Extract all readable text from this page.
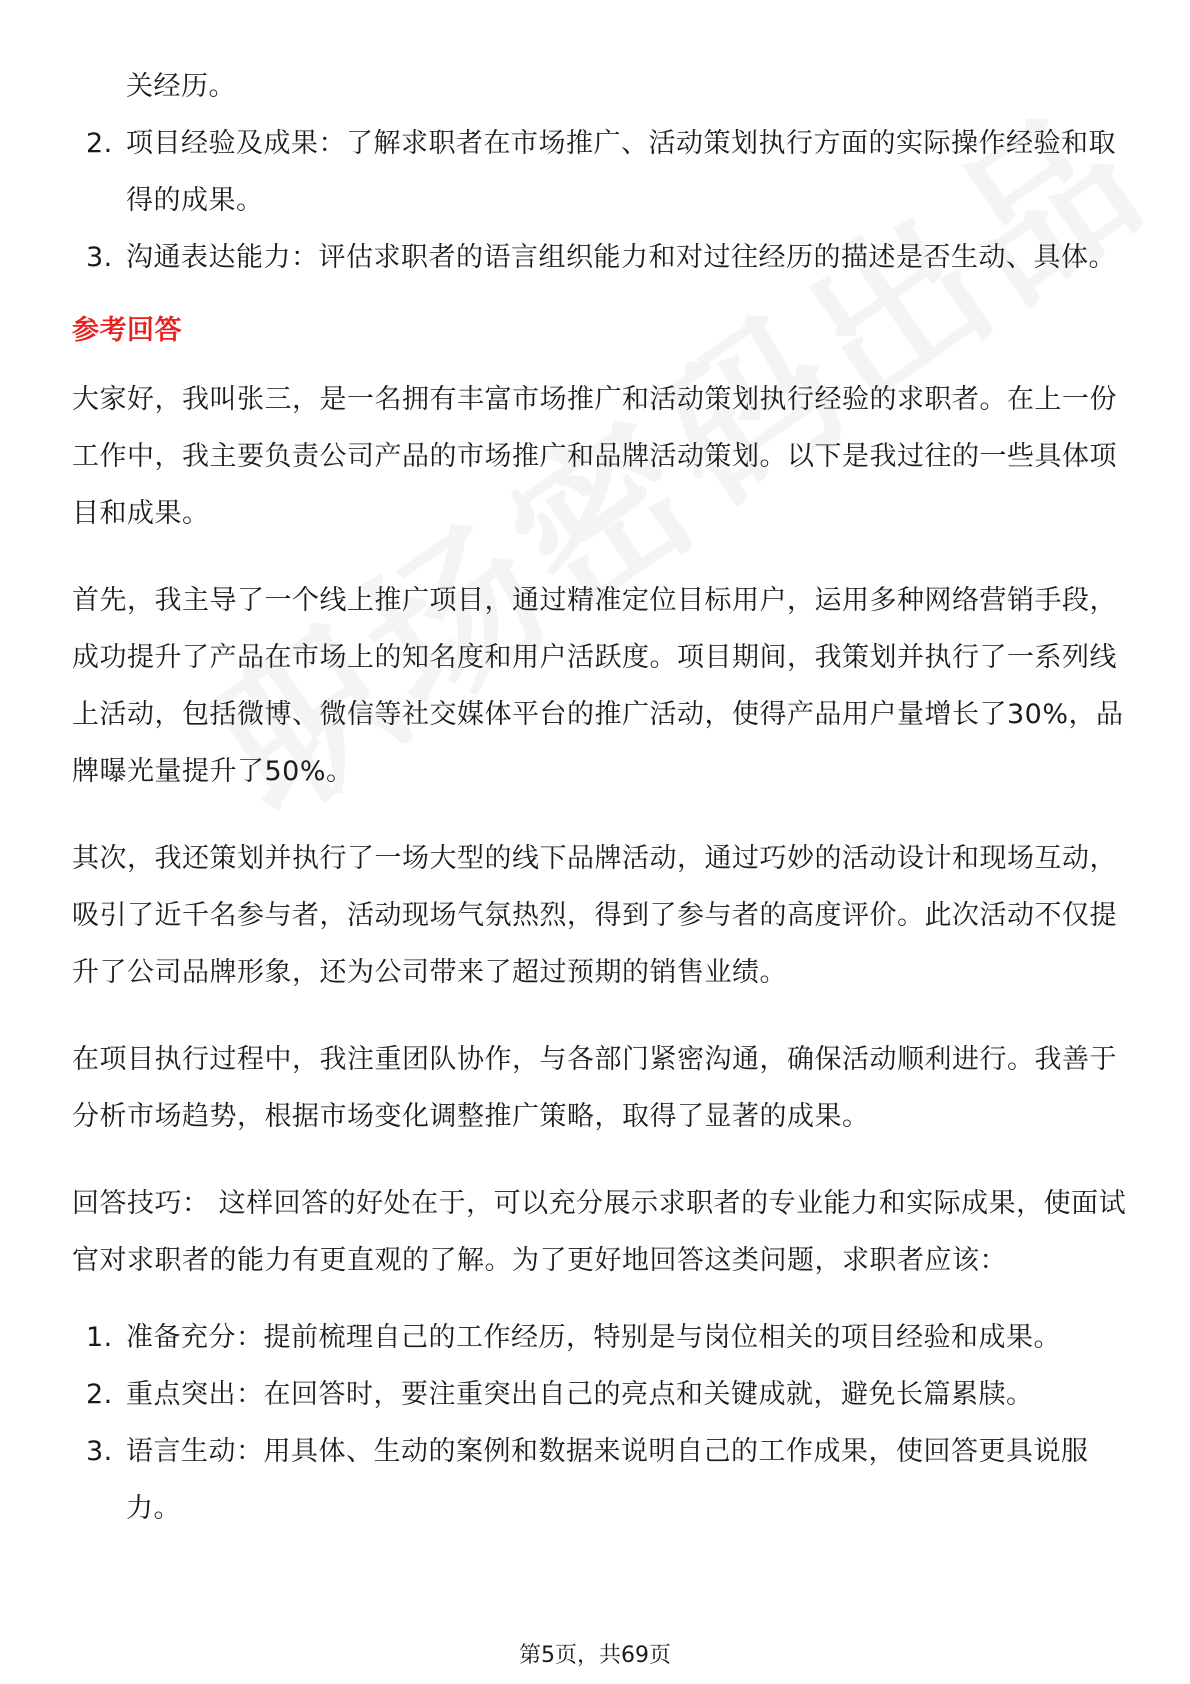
关经历。
2. 项目经验及成果：了解求职者在市场推广、活动策划执行方面的实际操作经验和取得的成果。
3. 沟通表达能力：评估求职者的语言组织能力和对过往经历的描述是否生动、具体。
参考回答

大家好，我叫张三，是一名拥有丰富市场推广和活动策划执行经验的求职者。在上一份工作中，我主要负责公司产品的市场推广和品牌活动策划。以下是我过往的一些具体项目和成果。

首先，我主导了一个线上推广项目，通过精准定位目标用户，运用多种网络营销手段，成功提升了产品在市场上的知名度和用户活跃度。项目期间，我策划并执行了一系列线上活动，包括微博、微信等社交媒体平台的推广活动，使得产品用户量增长了30%，品牌曝光量提升了50%。

其次，我还策划并执行了一场大型的线下品牌活动，通过巧妙的活动设计和现场互动，吸引了近千名参与者，活动现场气氛热烈，得到了参与者的高度评价。此次活动不仅提升了公司品牌形象，还为公司带来了超过预期的销售业绩。

在项目执行过程中，我注重团队协作，与各部门紧密沟通，确保活动顺利进行。我善于分析市场趋势，根据市场变化调整推广策略，取得了显著的成果。

回答技巧： 这样回答的好处在于，可以充分展示求职者的专业能力和实际成果，使面试官对求职者的能力有更直观的了解。为了更好地回答这类问题，求职者应该：

1. 准备充分：提前梳理自己的工作经历，特别是与岗位相关的项目经验和成果。
2. 重点突出：在回答时，要注重突出自己的亮点和关键成就，避免长篇累牍。
3. 语言生动：用具体、生动的案例和数据来说明自己的工作成果，使回答更具说服力。
第5页，共69页
